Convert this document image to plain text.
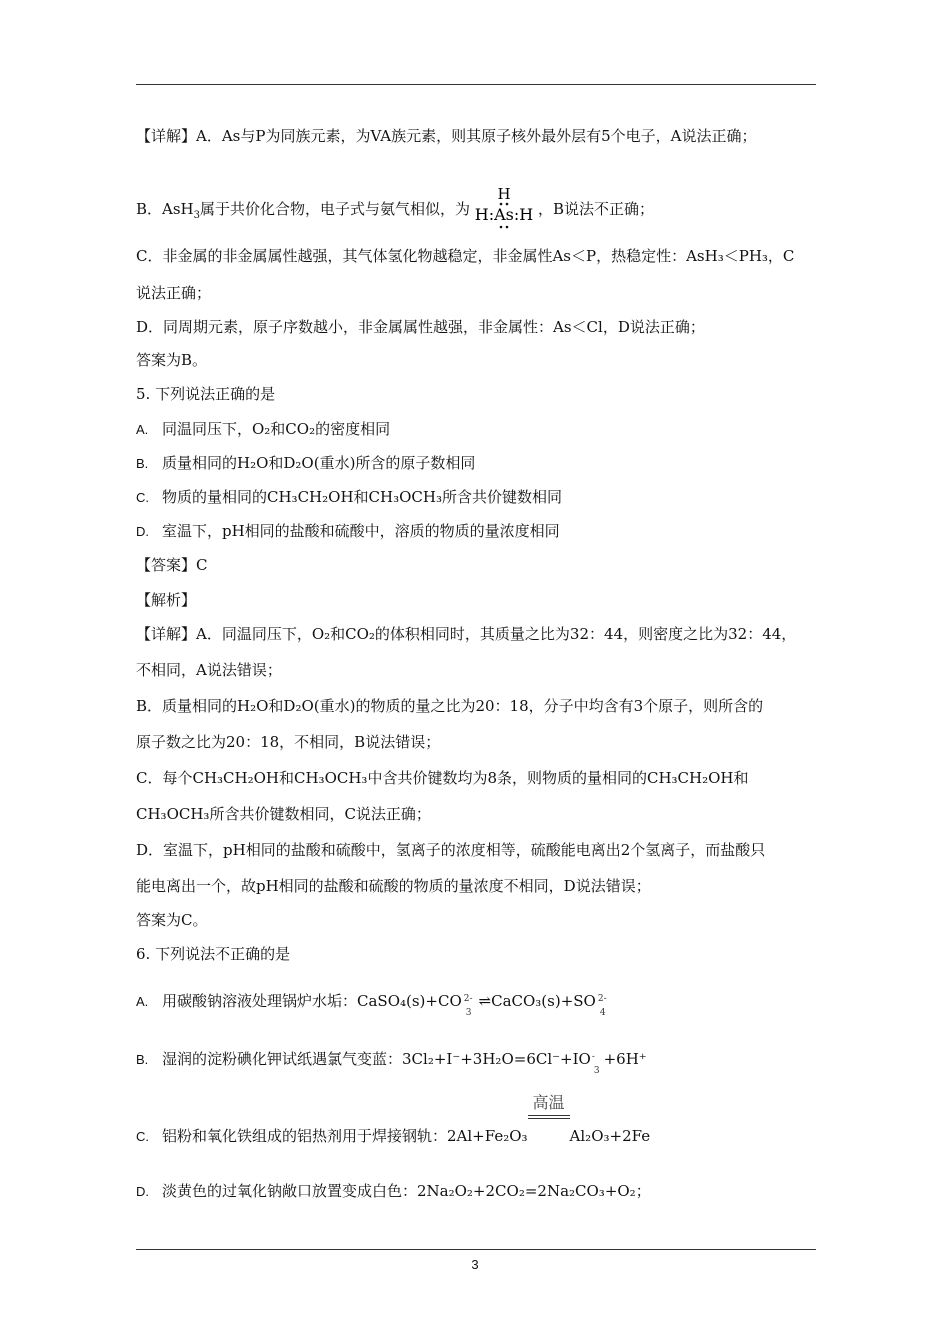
【详解】A．As与P为同族元素，为VA族元素，则其原子核外最外层有5个电子，A说法正确；
B．AsH$_3$属于共价化合物，电子式与氨气相似，为
H
H:As:H ，B说法不正确；
C．非金属的非金属属性越强，其气体氢化物越稳定，非金属性As＜P，热稳定性：AsH₃＜PH₃，C
说法正确；
D．同周期元素，原子序数越小，非金属属性越强，非金属性：As＜Cl，D说法正确；
答案为B。
5. 下列说法正确的是
A. 同温同压下，O₂和CO₂的密度相同
B. 质量相同的H₂O和D₂O(重水)所含的原子数相同
C. 物质的量相同的CH₃CH₂OH和CH₃OCH₃所含共价键数相同
D. 室温下，pH相同的盐酸和硫酸中，溶质的物质的量浓度相同
【答案】C
【解析】
【详解】A．同温同压下，O₂和CO₂的体积相同时，其质量之比为32：44，则密度之比为32：44，
不相同，A说法错误；
B．质量相同的H₂O和D₂O(重水)的物质的量之比为20：18，分子中均含有3个原子，则所含的
原子数之比为20：18，不相同，B说法错误；
C．每个CH₃CH₂OH和CH₃OCH₃中含共价键数均为8条，则物质的量相同的CH₃CH₂OH和
CH₃OCH₃所含共价键数相同，C说法正确；
D．室温下，pH相同的盐酸和硫酸中，氢离子的浓度相等，硫酸能电离出2个氢离子，而盐酸只
能电离出一个，故pH相同的盐酸和硫酸的物质的量浓度不相同，D说法错误；
答案为C。
6. 下列说法不正确的是
A. 用碳酸钠溶液处理锅炉水垢：CaSO₄(s)+CO 2-
3
⇌CaCO₃(s)+SO 2-
4
B. 湿润的淀粉碘化钾试纸遇氯气变蓝：3Cl₂+I⁻+3H₂O=6Cl⁻+IO -
3
+6H⁺
C. 铝粉和氧化铁组成的铝热剂用于焊接钢轨：2Al+Fe₂O₃
高温
Al₂O₃+2Fe
D. 淡黄色的过氧化钠敞口放置变成白色：2Na₂O₂+2CO₂=2Na₂CO₃+O₂；
3
